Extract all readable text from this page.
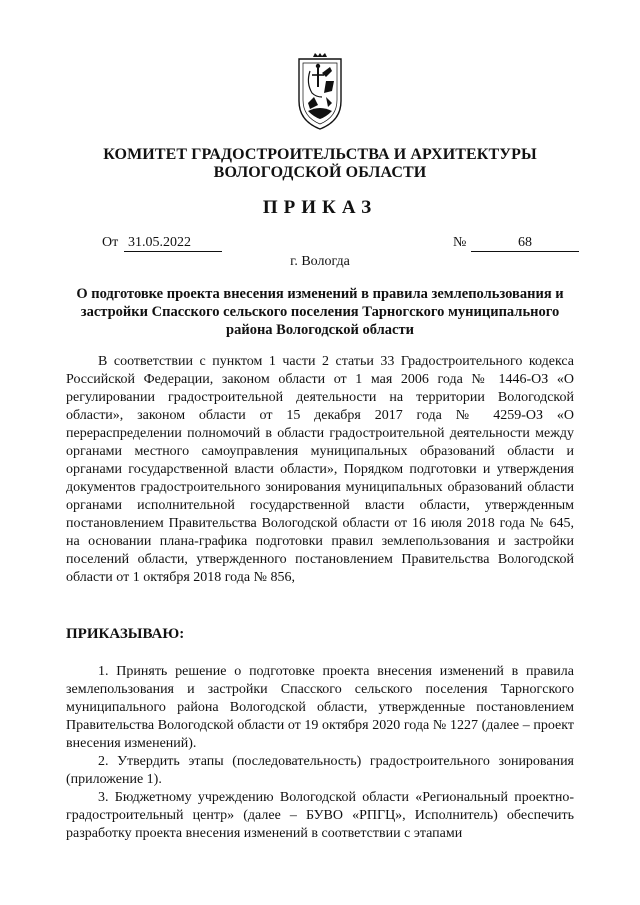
КОМИТЕТ ГРАДОСТРОИТЕЛЬСТВА И АРХИТЕКТУРЫ
ВОЛОГОДСКОЙ ОБЛАСТИ
ПРИКАЗ
От 31.05.2022	№	68
г. Вологда
О подготовке проекта внесения изменений в правила землепользования и застройки Спасского сельского поселения Тарногского муниципального района Вологодской области
В соответствии с пунктом 1 части 2 статьи 33 Градостроительного кодекса Российской Федерации, законом области от 1 мая 2006 года № 1446-ОЗ «О регулировании градостроительной деятельности на территории Вологодской области», законом области от 15 декабря 2017 года № 4259-ОЗ «О перераспределении полномочий в области градостроительной деятельности между органами местного самоуправления муниципальных образований области и органами государственной власти области», Порядком подготовки и утверждения документов градостроительного зонирования муниципальных образований области органами исполнительной государственной власти области, утвержденным постановлением Правительства Вологодской области от 16 июля 2018 года № 645, на основании плана-графика подготовки правил землепользования и застройки поселений области, утвержденного постановлением Правительства Вологодской области от 1 октября 2018 года № 856,
ПРИКАЗЫВАЮ:
1. Принять решение о подготовке проекта внесения изменений в правила землепользования и застройки Спасского сельского поселения Тарногского муниципального района Вологодской области, утвержденные постановлением Правительства Вологодской области от 19 октября 2020 года № 1227 (далее – проект внесения изменений).
2. Утвердить этапы (последовательность) градостроительного зонирования (приложение 1).
3. Бюджетному учреждению Вологодской области «Региональный проектно-градостроительный центр» (далее – БУВО «РПГЦ», Исполнитель) обеспечить разработку проекта внесения изменений в соответствии с этапами
